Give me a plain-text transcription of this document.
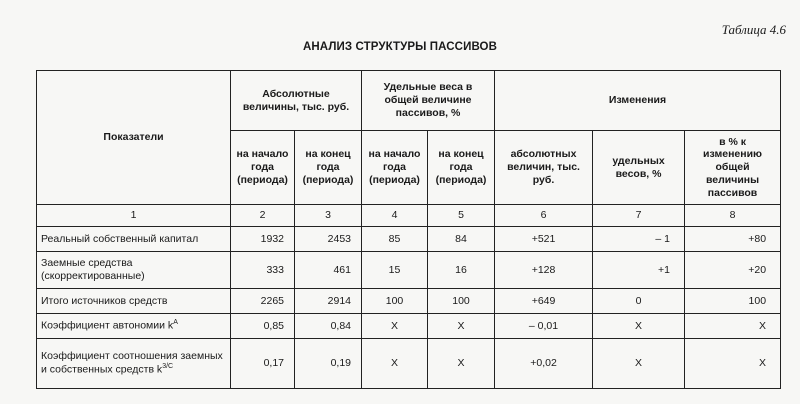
Таблица 4.6
АНАЛИЗ СТРУКТУРЫ ПАССИВОВ
Показатели	Абсолютные величины, тыс. руб.		Удельные веса в общей величине пассивов, %		Изменения		
	на начало года (периода)	на конец года (периода)	на начало года (периода)	на конец года (периода)	абсолютных величин, тыс. руб.	удельных весов, %	в % к изменению общей величины пассивов
1	2	3	4	5	6	7	8
Реальный собственный капитал	1932	2453	85	84	+521	– 1	+80
Заемные средства (скорректированные)	333	461	15	16	+128	+1	+20
Итого источников средств	2265	2914	100	100	+649	0	100
Коэффициент автономии $k^A$	0,85	0,84	X	X	– 0,01	X	X
Коэффициент соотношения заемных и собственных средств $k^{3/C}$	0,17	0,19	X	X	+0,02	X	X
